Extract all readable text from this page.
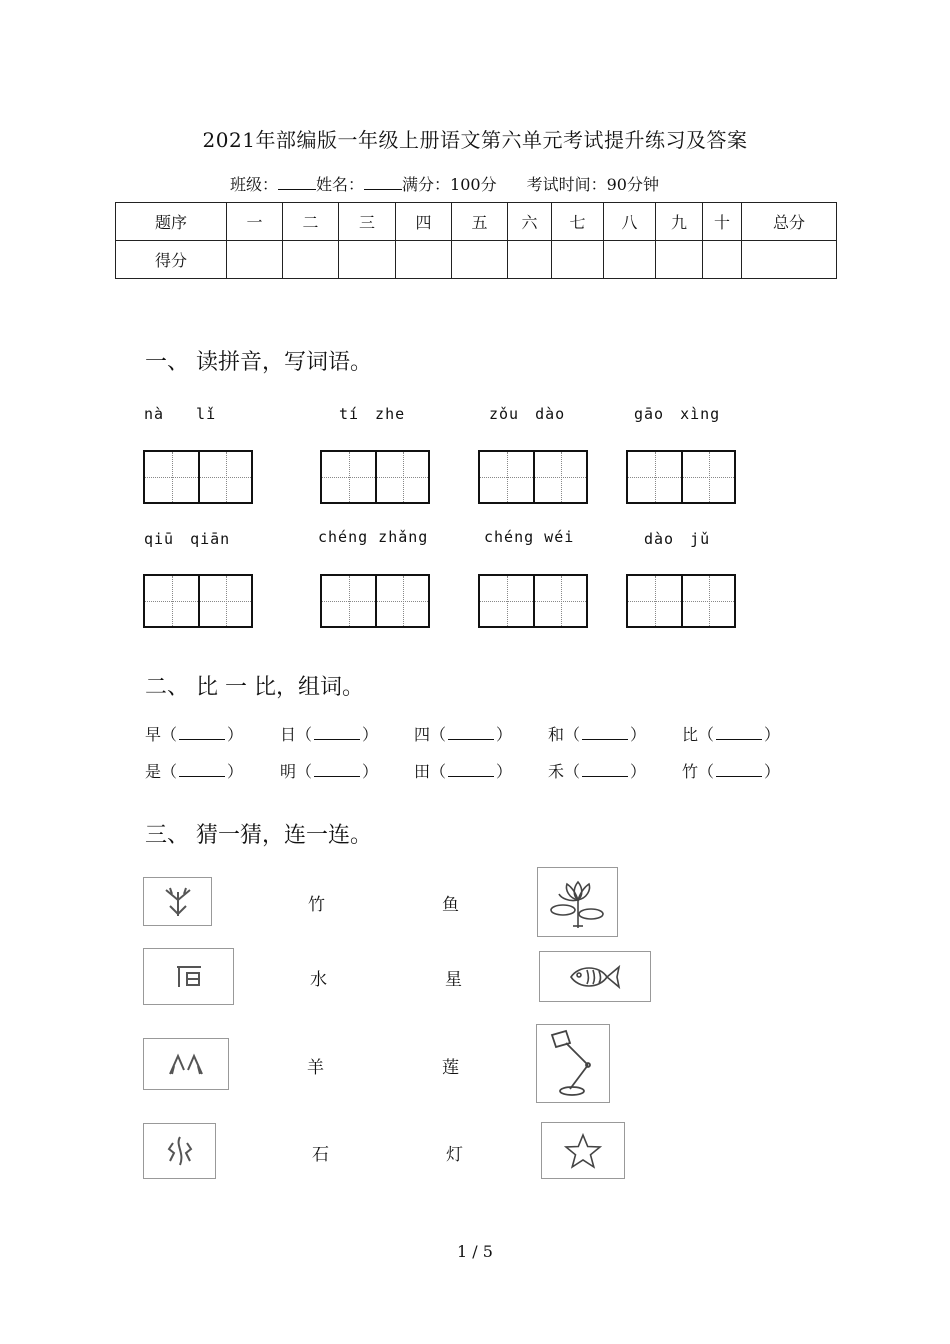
2021年部编版一年级上册语文第六单元考试提升练习及答案
班级： 姓名： 满分：100分 考试时间：90分钟
题序	一	二	三	四	五	六	七	八	九	十	总分
得分											
一、 读拼音，写词语。
nà　　lǐ	tí　zhe	zǒu　dào	gāo　xìng
qiū　qiān	chéng zhǎng	chéng wéi	dào　jǔ
二、 比 一 比，组词。
早（	） 日（	） 四（	） 和（	） 比（	）
是（	） 明（	） 田（	） 禾（	） 竹（	）
三、 猜一猜，连一连。
竹
水
羊
石
鱼
星
莲
灯
1 / 5
